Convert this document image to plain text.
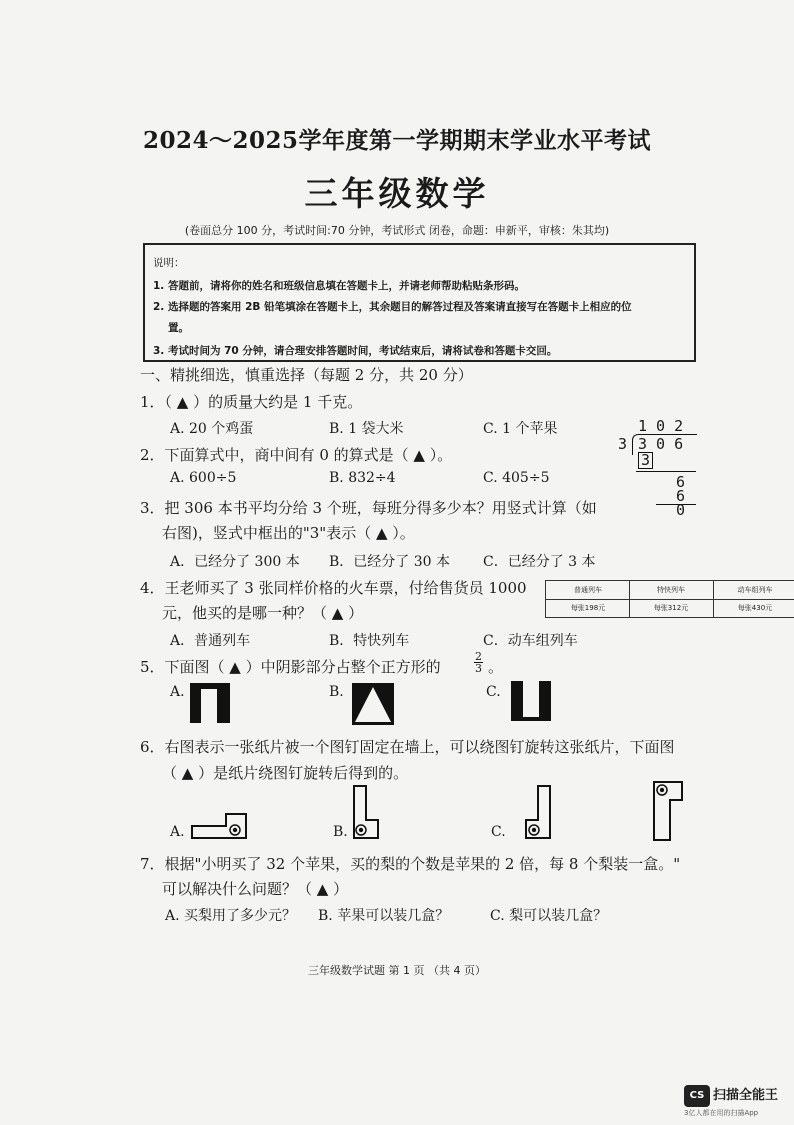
2024～2025学年度第一学期期末学业水平考试
三年级数学
(卷面总分 100 分，考试时间:70 分钟，考试形式 闭卷，命题：申新平，审核：朱其均)
说明：
1. 答题前，请将你的姓名和班级信息填在答题卡上，并请老师帮助粘贴条形码。
2. 选择题的答案用 2B 铅笔填涂在答题卡上，其余题目的解答过程及答案请直接写在答题卡上相应的位
置。
3. 考试时间为 70 分钟，请合理安排答题时间，考试结束后，请将试卷和答题卡交回。
一、精挑细选，慎重选择（每题 2 分，共 20 分）
1．（ ▲ ）的质量大约是 1 千克。
A. 20 个鸡蛋	B. 1 袋大米	C. 1 个苹果
2．下面算式中，商中间有 0 的算式是（ ▲ ）。
A. 600÷5	B. 832÷4	C. 405÷5
1 0 2
3 3 0 6
3
6
6
0
3．把 306 本书平均分给 3 个班，每班分得多少本？用竖式计算（如
右图)，竖式中框出的"3"表示（ ▲ ）。
A．已经分了 300 本 B．已经分了 30 本 C．已经分了 3 本
4．王老师买了 3 张同样价格的火车票，付给售货员 1000
元，他买的是哪一种？（ ▲ ）
A．普通列车	B．特快列车	C．动车组列车
普通列车	特快列车	动车组列车
每张198元	每张312元	每张430元
5．下面图（ ▲ ）中阴影部分占整个正方形的
2
3 。
A.	B.	C.
6．右图表示一张纸片被一个图钉固定在墙上，可以绕图钉旋转这张纸片，下面图
（ ▲ ）是纸片绕图钉旋转后得到的。
A.	B.	C.
7．根据"小明买了 32 个苹果，买的梨的个数是苹果的 2 倍，每 8 个梨装一盒。"
可以解决什么问题？（ ▲ ）
A. 买梨用了多少元？ B. 苹果可以装几盒？	C. 梨可以装几盒？
三年级数学试题 第 1 页 （共 4 页）
CS 扫描全能王
3亿人都在用的扫描App
